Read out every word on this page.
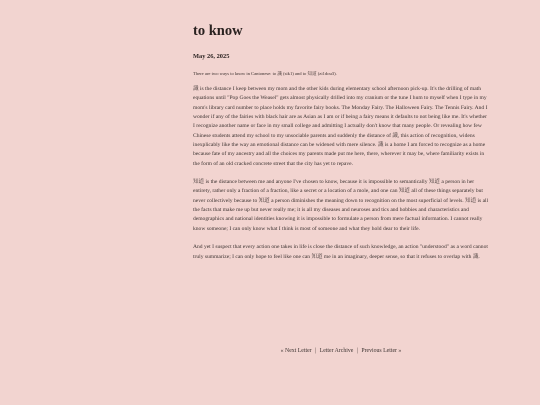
to know
May 26, 2025
There are two ways to know in Cantonese: to 識 (sik1) and to 知道 (zi1dou3).

識 is the distance I keep between my mom and the other kids during elementary school afternoon pick-up. It's the drilling of math equations until "Pop Goes the Weasel" gets almost physically drilled into my cranium or the tune I hum to myself when I type in my mom's library card number to place holds my favorite fairy books. The Monday Fairy. The Halloween Fairy. The Tennis Fairy. And I wonder if any of the fairies with black hair are as Asian as I am or if being a fairy means it defaults to not being like me. It's whether I recognize another name or face in my small college and admitting I actually don't know that many people. Or revealing how few Chinese students attend my school to my unsociable parents and suddenly the distance of 識, this action of recognition, widens inexplicably like the way an emotional distance can be widened with mere silence. 識 is a home I am forced to recognize as a home because fate of my ancestry and all the choices my parents made put me here, there, wherever it may be, where familiarity exists in the form of an old cracked concrete street that the city has yet to repave.

知道 is the distance between me and anyone I've chosen to know, because it is impossible to semantically 知道 a person in her entirety, rather only a fraction of a fraction, like a secret or a location of a mole, and one can 知道 all of these things separately but never collectively because to 知道 a person diminishes the meaning down to recognition on the most superficial of levels. 知道 is all the facts that make me up but never really me; it is all my diseases and neuroses and tics and hobbies and characteristics and demographics and national identities knowing it is impossible to formulate a person from mere factual information. I cannot really know someone; I can only know what I think is most of someone and what they hold dear to their life.

And yet I suspect that every action one takes in life is close the distance of such knowledge, an action "understood" as a word cannot truly summarize; I can only hope to feel like one can 知道 me in an imaginary, deeper sense, so that it refuses to overlap with 識.

« Next Letter | Letter Archive | Previous Letter »
